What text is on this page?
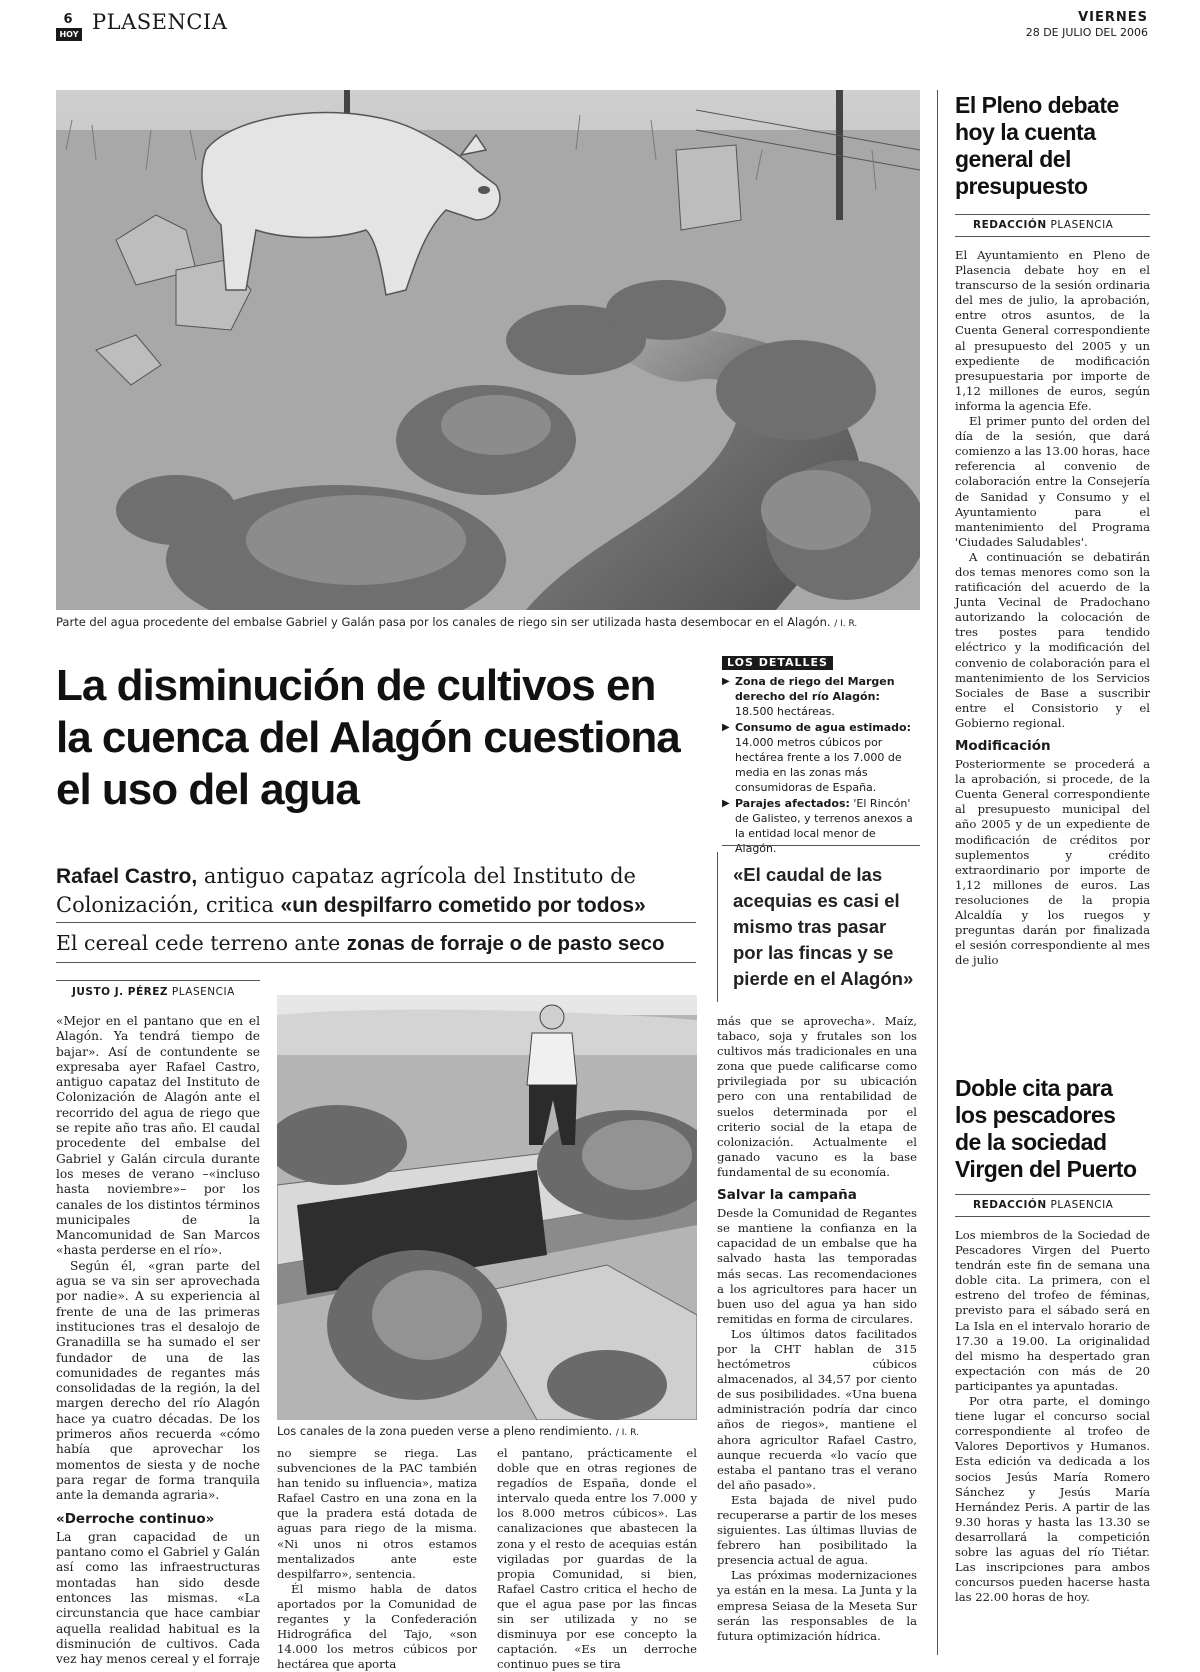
6
HOY
PLASENCIA	VIERNES
28 DE JULIO DEL 2006
Parte del agua procedente del embalse Gabriel y Galán pasa por los canales de riego sin ser utilizada hasta desembocar en el Alagón. / I. R.
La disminución de cultivos en la cuenca del Alagón cuestiona el uso del agua
Rafael Castro, antiguo capataz agrícola del Instituto de Colonización, critica «un despilfarro cometido por todos»
El cereal cede terreno ante zonas de forraje o de pasto seco
JUSTO J. PÉREZ PLASENCIA

«Mejor en el pantano que en el Alagón. Ya tendrá tiempo de bajar». Así de contundente se expresaba ayer Rafael Castro, antiguo capataz del Instituto de Colonización de Alagón ante el recorrido del agua de riego que se repite año tras año. El caudal procedente del embalse del Gabriel y Galán circula durante los meses de verano –«incluso hasta noviembre»– por los canales de los distintos términos municipales de la Mancomunidad de San Marcos «hasta perderse en el río».

Según él, «gran parte del agua se va sin ser aprovechada por nadie». A su experiencia al frente de una de las primeras instituciones tras el desalojo de Granadilla se ha sumado el ser fundador de una de las comunidades de regantes más consolidadas de la región, la del margen derecho del río Alagón hace ya cuatro décadas. De los primeros años recuerda «cómo había que aprovechar los momentos de siesta y de noche para regar de forma tranquila ante la demanda agraria».

«Derroche continuo»

La gran capacidad de un pantano como el Gabriel y Galán así como las infraestructuras montadas han sido desde entonces las mismas. «La circunstancia que hace cambiar aquella realidad habitual es la disminución de cultivos. Cada vez hay menos cereal y el forraje

Los canales de la zona pueden verse a pleno rendimiento. / I. R.

no siempre se riega. Las subvenciones de la PAC también han tenido su influencia», matiza Rafael Castro en una zona en la que la pradera está dotada de aguas para riego de la misma. «Ni unos ni otros estamos mentalizados ante este despilfarro», sentencia.

Él mismo habla de datos aportados por la Comunidad de regantes y la Confederación Hidrográfica del Tajo, «son 14.000 los metros cúbicos por hectárea que aporta

el pantano, prácticamente el doble que en otras regiones de regadíos de España, donde el intervalo queda entre los 7.000 y los 8.000 metros cúbicos». Las canalizaciones que abastecen la zona y el resto de acequias están vigiladas por guardas de la propia Comunidad, si bien, Rafael Castro critica el hecho de que el agua pase por las fincas sin ser utilizada y no se disminuya por ese concepto la captación. «Es un derroche continuo pues se tira

más que se aprovecha». Maíz, tabaco, soja y frutales son los cultivos más tradicionales en una zona que puede calificarse como privilegiada por su ubicación pero con una rentabilidad de suelos determinada por el criterio social de la etapa de colonización. Actualmente el ganado vacuno es la base fundamental de su economía.

Salvar la campaña

Desde la Comunidad de Regantes se mantiene la confianza en la capacidad de un embalse que ha salvado hasta las temporadas más secas. Las recomendaciones a los agricultores para hacer un buen uso del agua ya han sido remitidas en forma de circulares.

Los últimos datos facilitados por la CHT hablan de 315 hectómetros cúbicos almacenados, al 34,57 por ciento de sus posibilidades. «Una buena administración podría dar cinco años de riegos», mantiene el ahora agricultor Rafael Castro, aunque recuerda «lo vacío que estaba el pantano tras el verano del año pasado».

Esta bajada de nivel pudo recuperarse a partir de los meses siguientes. Las últimas lluvias de febrero han posibilitado la presencia actual de agua.

Las próximas modernizaciones ya están en la mesa. La Junta y la empresa Seiasa de la Meseta Sur serán las responsables de la futura optimización hídrica.

LOS DETALLES
▶ Zona de riego del Margen derecho del río Alagón: 18.500 hectáreas.
▶ Consumo de agua estimado: 14.000 metros cúbicos por hectárea frente a los 7.000 de media en las zonas más consumidoras de España.
▶ Parajes afectados: 'El Rincón' de Galisteo, y terrenos anexos a la entidad local menor de Alagón.
«El caudal de las acequias es casi el mismo tras pasar por las fincas y se pierde en el Alagón»
El Pleno debate hoy la cuenta general del presupuesto
REDACCIÓN PLASENCIA

El Ayuntamiento en Pleno de Plasencia debate hoy en el transcurso de la sesión ordinaria del mes de julio, la aprobación, entre otros asuntos, de la Cuenta General correspondiente al presupuesto del 2005 y un expediente de modificación presupuestaria por importe de 1,12 millones de euros, según informa la agencia Efe.

El primer punto del orden del día de la sesión, que dará comienzo a las 13.00 horas, hace referencia al convenio de colaboración entre la Consejería de Sanidad y Consumo y el Ayuntamiento para el mantenimiento del Programa 'Ciudades Saludables'.

A continuación se debatirán dos temas menores como son la ratificación del acuerdo de la Junta Vecinal de Pradochano autorizando la colocación de tres postes para tendido eléctrico y la modificación del convenio de colaboración para el mantenimiento de los Servicios Sociales de Base a suscribir entre el Consistorio y el Gobierno regional.

Modificación

Posteriormente se procederá a la aprobación, si procede, de la Cuenta General correspondiente al presupuesto municipal del año 2005 y de un expediente de modificación de créditos por suplementos y crédito extraordinario por importe de 1,12 millones de euros. Las resoluciones de la propia Alcaldía y los ruegos y preguntas darán por finalizada el sesión correspondiente al mes de julio

Doble cita para los pescadores de la sociedad Virgen del Puerto
REDACCIÓN PLASENCIA

Los miembros de la Sociedad de Pescadores Virgen del Puerto tendrán este fin de semana una doble cita. La primera, con el estreno del trofeo de féminas, previsto para el sábado será en La Isla en el intervalo horario de 17.30 a 19.00. La originalidad del mismo ha despertado gran expectación con más de 20 participantes ya apuntadas.

Por otra parte, el domingo tiene lugar el concurso social correspondiente al trofeo de Valores Deportivos y Humanos. Esta edición va dedicada a los socios Jesús María Romero Sánchez y Jesús María Hernández Peris. A partir de las 9.30 horas y hasta las 13.30 se desarrollará la competición sobre las aguas del río Tiétar. Las inscripciones para ambos concursos pueden hacerse hasta las 22.00 horas de hoy.
